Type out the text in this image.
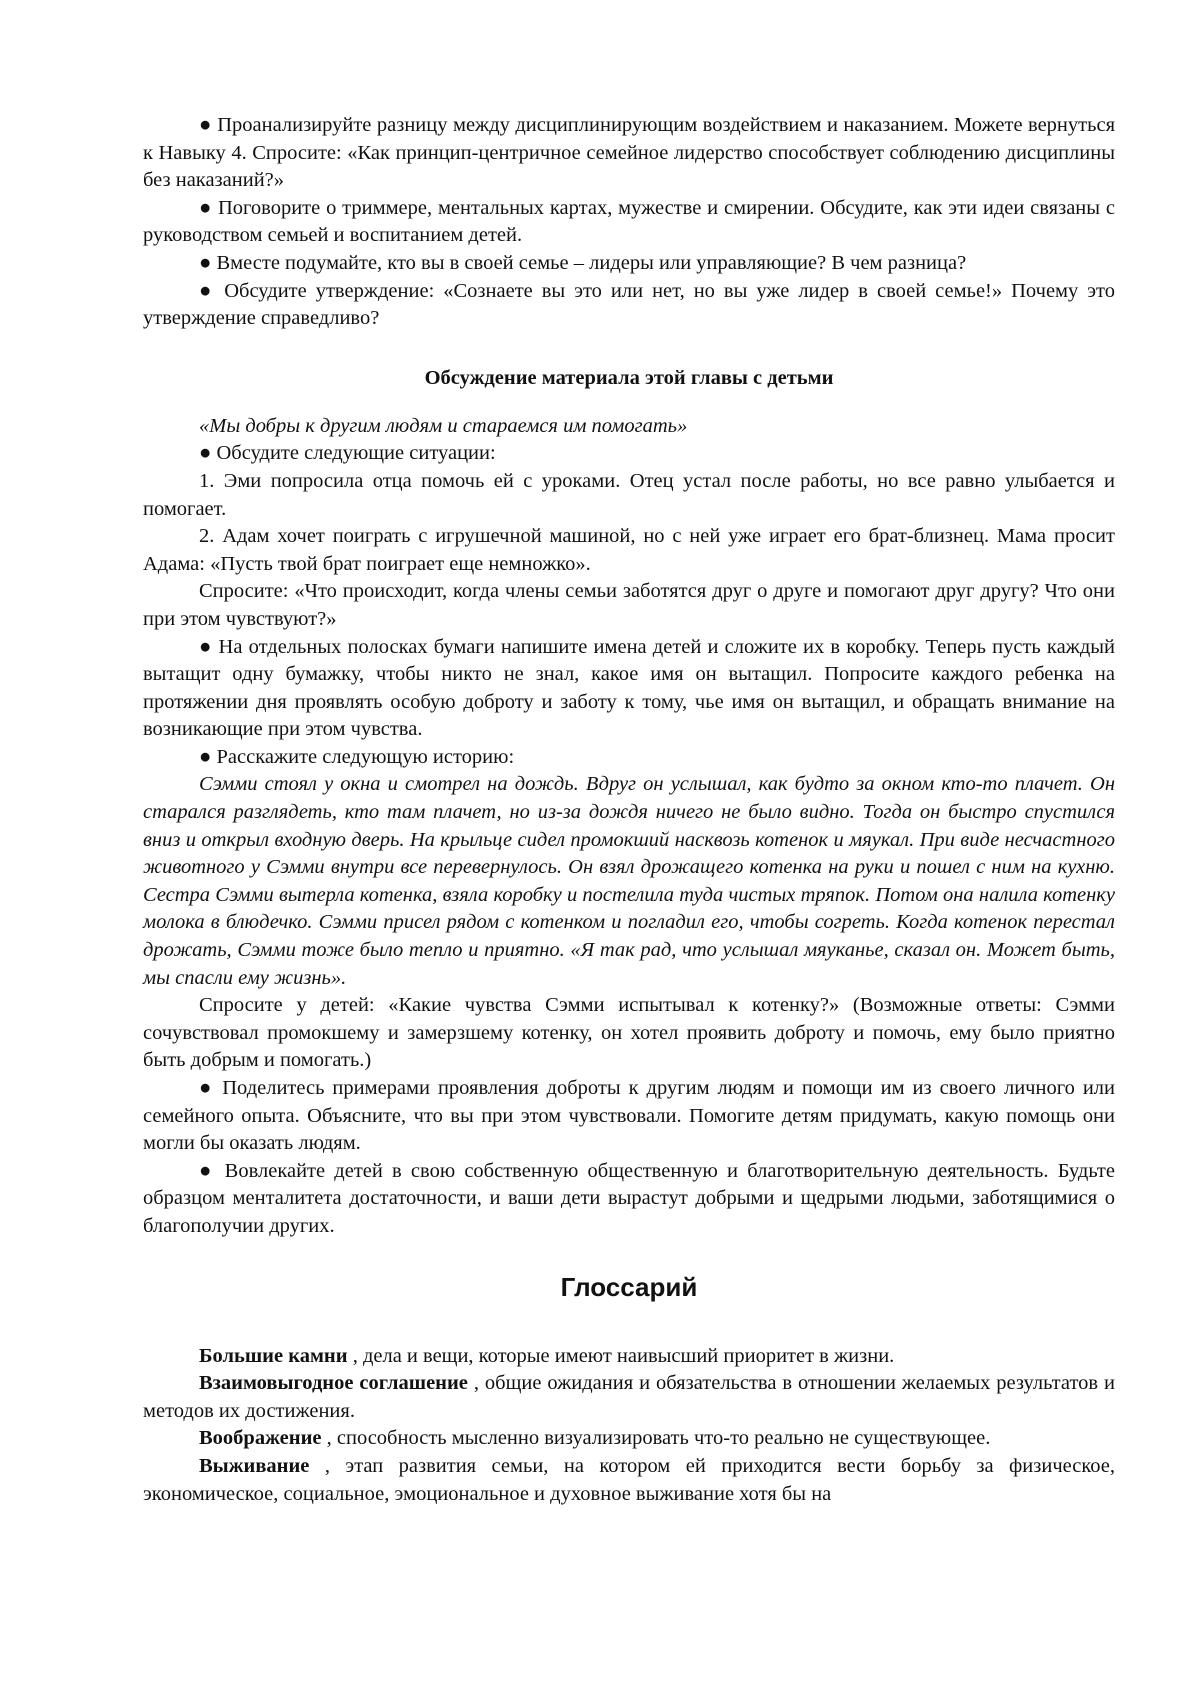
● Проанализируйте разницу между дисциплинирующим воздействием и наказанием. Можете вернуться к Навыку 4. Спросите: «Как принцип-центричное семейное лидерство способствует соблюдению дисциплины без наказаний?»

● Поговорите о триммере, ментальных картах, мужестве и смирении. Обсудите, как эти идеи связаны с руководством семьей и воспитанием детей.

● Вместе подумайте, кто вы в своей семье – лидеры или управляющие? В чем разница?

● Обсудите утверждение: «Сознаете вы это или нет, но вы уже лидер в своей семье!» Почему это утверждение справедливо?

Обсуждение материала этой главы с детьми

«Мы добры к другим людям и стараемся им помогать»

● Обсудите следующие ситуации:

1. Эми попросила отца помочь ей с уроками. Отец устал после работы, но все равно улыбается и помогает.

2. Адам хочет поиграть с игрушечной машиной, но с ней уже играет его брат-близнец. Мама просит Адама: «Пусть твой брат поиграет еще немножко».

Спросите: «Что происходит, когда члены семьи заботятся друг о друге и помогают друг другу? Что они при этом чувствуют?»

● На отдельных полосках бумаги напишите имена детей и сложите их в коробку. Теперь пусть каждый вытащит одну бумажку, чтобы никто не знал, какое имя он вытащил. Попросите каждого ребенка на протяжении дня проявлять особую доброту и заботу к тому, чье имя он вытащил, и обращать внимание на возникающие при этом чувства.

● Расскажите следующую историю:

Сэмми стоял у окна и смотрел на дождь. Вдруг он услышал, как будто за окном кто-то плачет. Он старался разглядеть, кто там плачет, но из-за дождя ничего не было видно. Тогда он быстро спустился вниз и открыл входную дверь. На крыльце сидел промокший насквозь котенок и мяукал. При виде несчастного животного у Сэмми внутри все перевернулось. Он взял дрожащего котенка на руки и пошел с ним на кухню. Сестра Сэмми вытерла котенка, взяла коробку и постелила туда чистых тряпок. Потом она налила котенку молока в блюдечко. Сэмми присел рядом с котенком и погладил его, чтобы согреть. Когда котенок перестал дрожать, Сэмми тоже было тепло и приятно. «Я так рад, что услышал мяуканье, сказал он. Может быть, мы спасли ему жизнь».

Спросите у детей: «Какие чувства Сэмми испытывал к котенку?» (Возможные ответы: Сэмми сочувствовал промокшему и замерзшему котенку, он хотел проявить доброту и помочь, ему было приятно быть добрым и помогать.)

● Поделитесь примерами проявления доброты к другим людям и помощи им из своего личного или семейного опыта. Объясните, что вы при этом чувствовали. Помогите детям придумать, какую помощь они могли бы оказать людям.

● Вовлекайте детей в свою собственную общественную и благотворительную деятельность. Будьте образцом менталитета достаточности, и ваши дети вырастут добрыми и щедрыми людьми, заботящимися о благополучии других.

Глоссарий

Большие камни , дела и вещи, которые имеют наивысший приоритет в жизни.

Взаимовыгодное соглашение , общие ожидания и обязательства в отношении желаемых результатов и методов их достижения.

Воображение , способность мысленно визуализировать что-то реально не существующее.

Выживание , этап развития семьи, на котором ей приходится вести борьбу за физическое, экономическое, социальное, эмоциональное и духовное выживание хотя бы на
